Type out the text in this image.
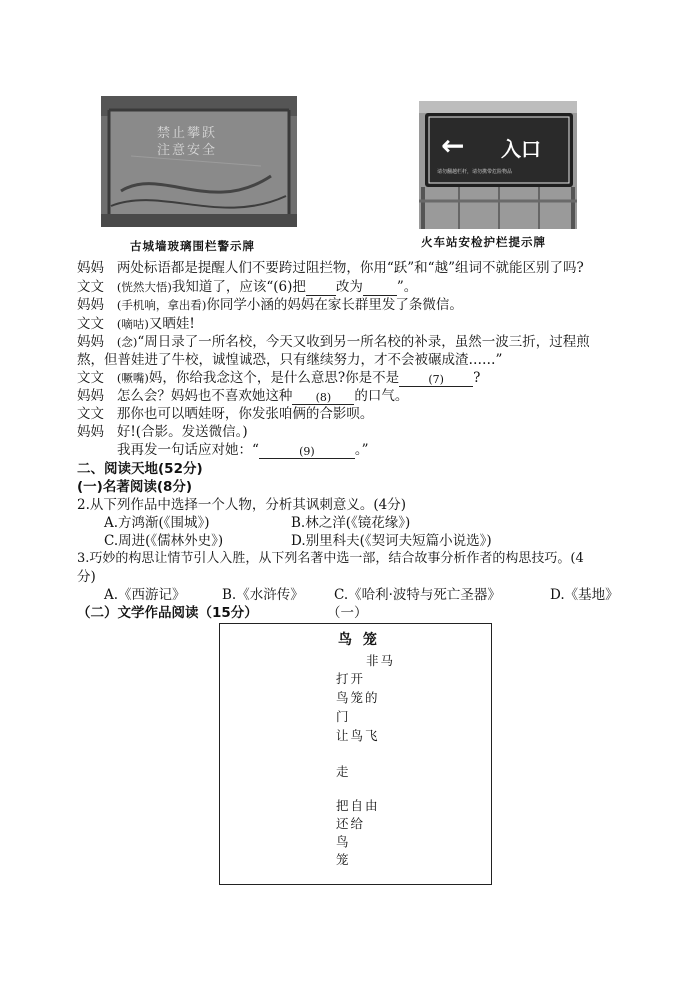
禁止攀跃
注意安全
古城墙玻璃围栏警示牌
← 入口
请勿翻越栏杆，请勿携带危险物品
火车站安检护栏提示牌
妈妈 两处标语都是提醒人们不要跨过阻拦物，你用“跃”和“越”组词不就能区别了吗?
文文 (恍然大悟)我知道了，应该“(6)把 改为	”。
妈妈 (手机响，拿出看)你同学小涵的妈妈在家长群里发了条微信。
文文 (嘀咕)又晒娃!
妈妈 (念)“周日录了一所名校，今天又收到另一所名校的补录，虽然一波三折，过程煎
熬，但普娃进了牛校，诚惶诚恐，只有继续努力，才不会被碾成渣……”
文文 (噘嘴)妈，你给我念这个，是什么意思?你是不是	(7) ?
妈妈 怎么会？妈妈也不喜欢她这种 (8) 的口气。
文文 那你也可以晒娃呀，你发张咱俩的合影呗。
妈妈 好!(合影。发送微信。)
我再发一句话应对她：“	(9)	。”
二、阅读天地(52分)
(一)名著阅读(8分)
2.从下列作品中选择一个人物，分析其讽刺意义。(4分)
A.方鸿渐(《围城》)	B.林之洋(《镜花缘》)
C.周进(《儒林外史》)	D.别里科夫(《契诃夫短篇小说选》)
3.巧妙的构思让情节引人入胜，从下列名著中选一部，结合故事分析作者的构思技巧。(4
分)
A.《西游记》	B.《水浒传》 C.《哈利·波特与死亡圣器》	D.《基地》
（二）文学作品阅读（15分）	（一）
鸟 笼
非马
打开
鸟笼的
门
让鸟飞
走
把自由
还给
鸟
笼
